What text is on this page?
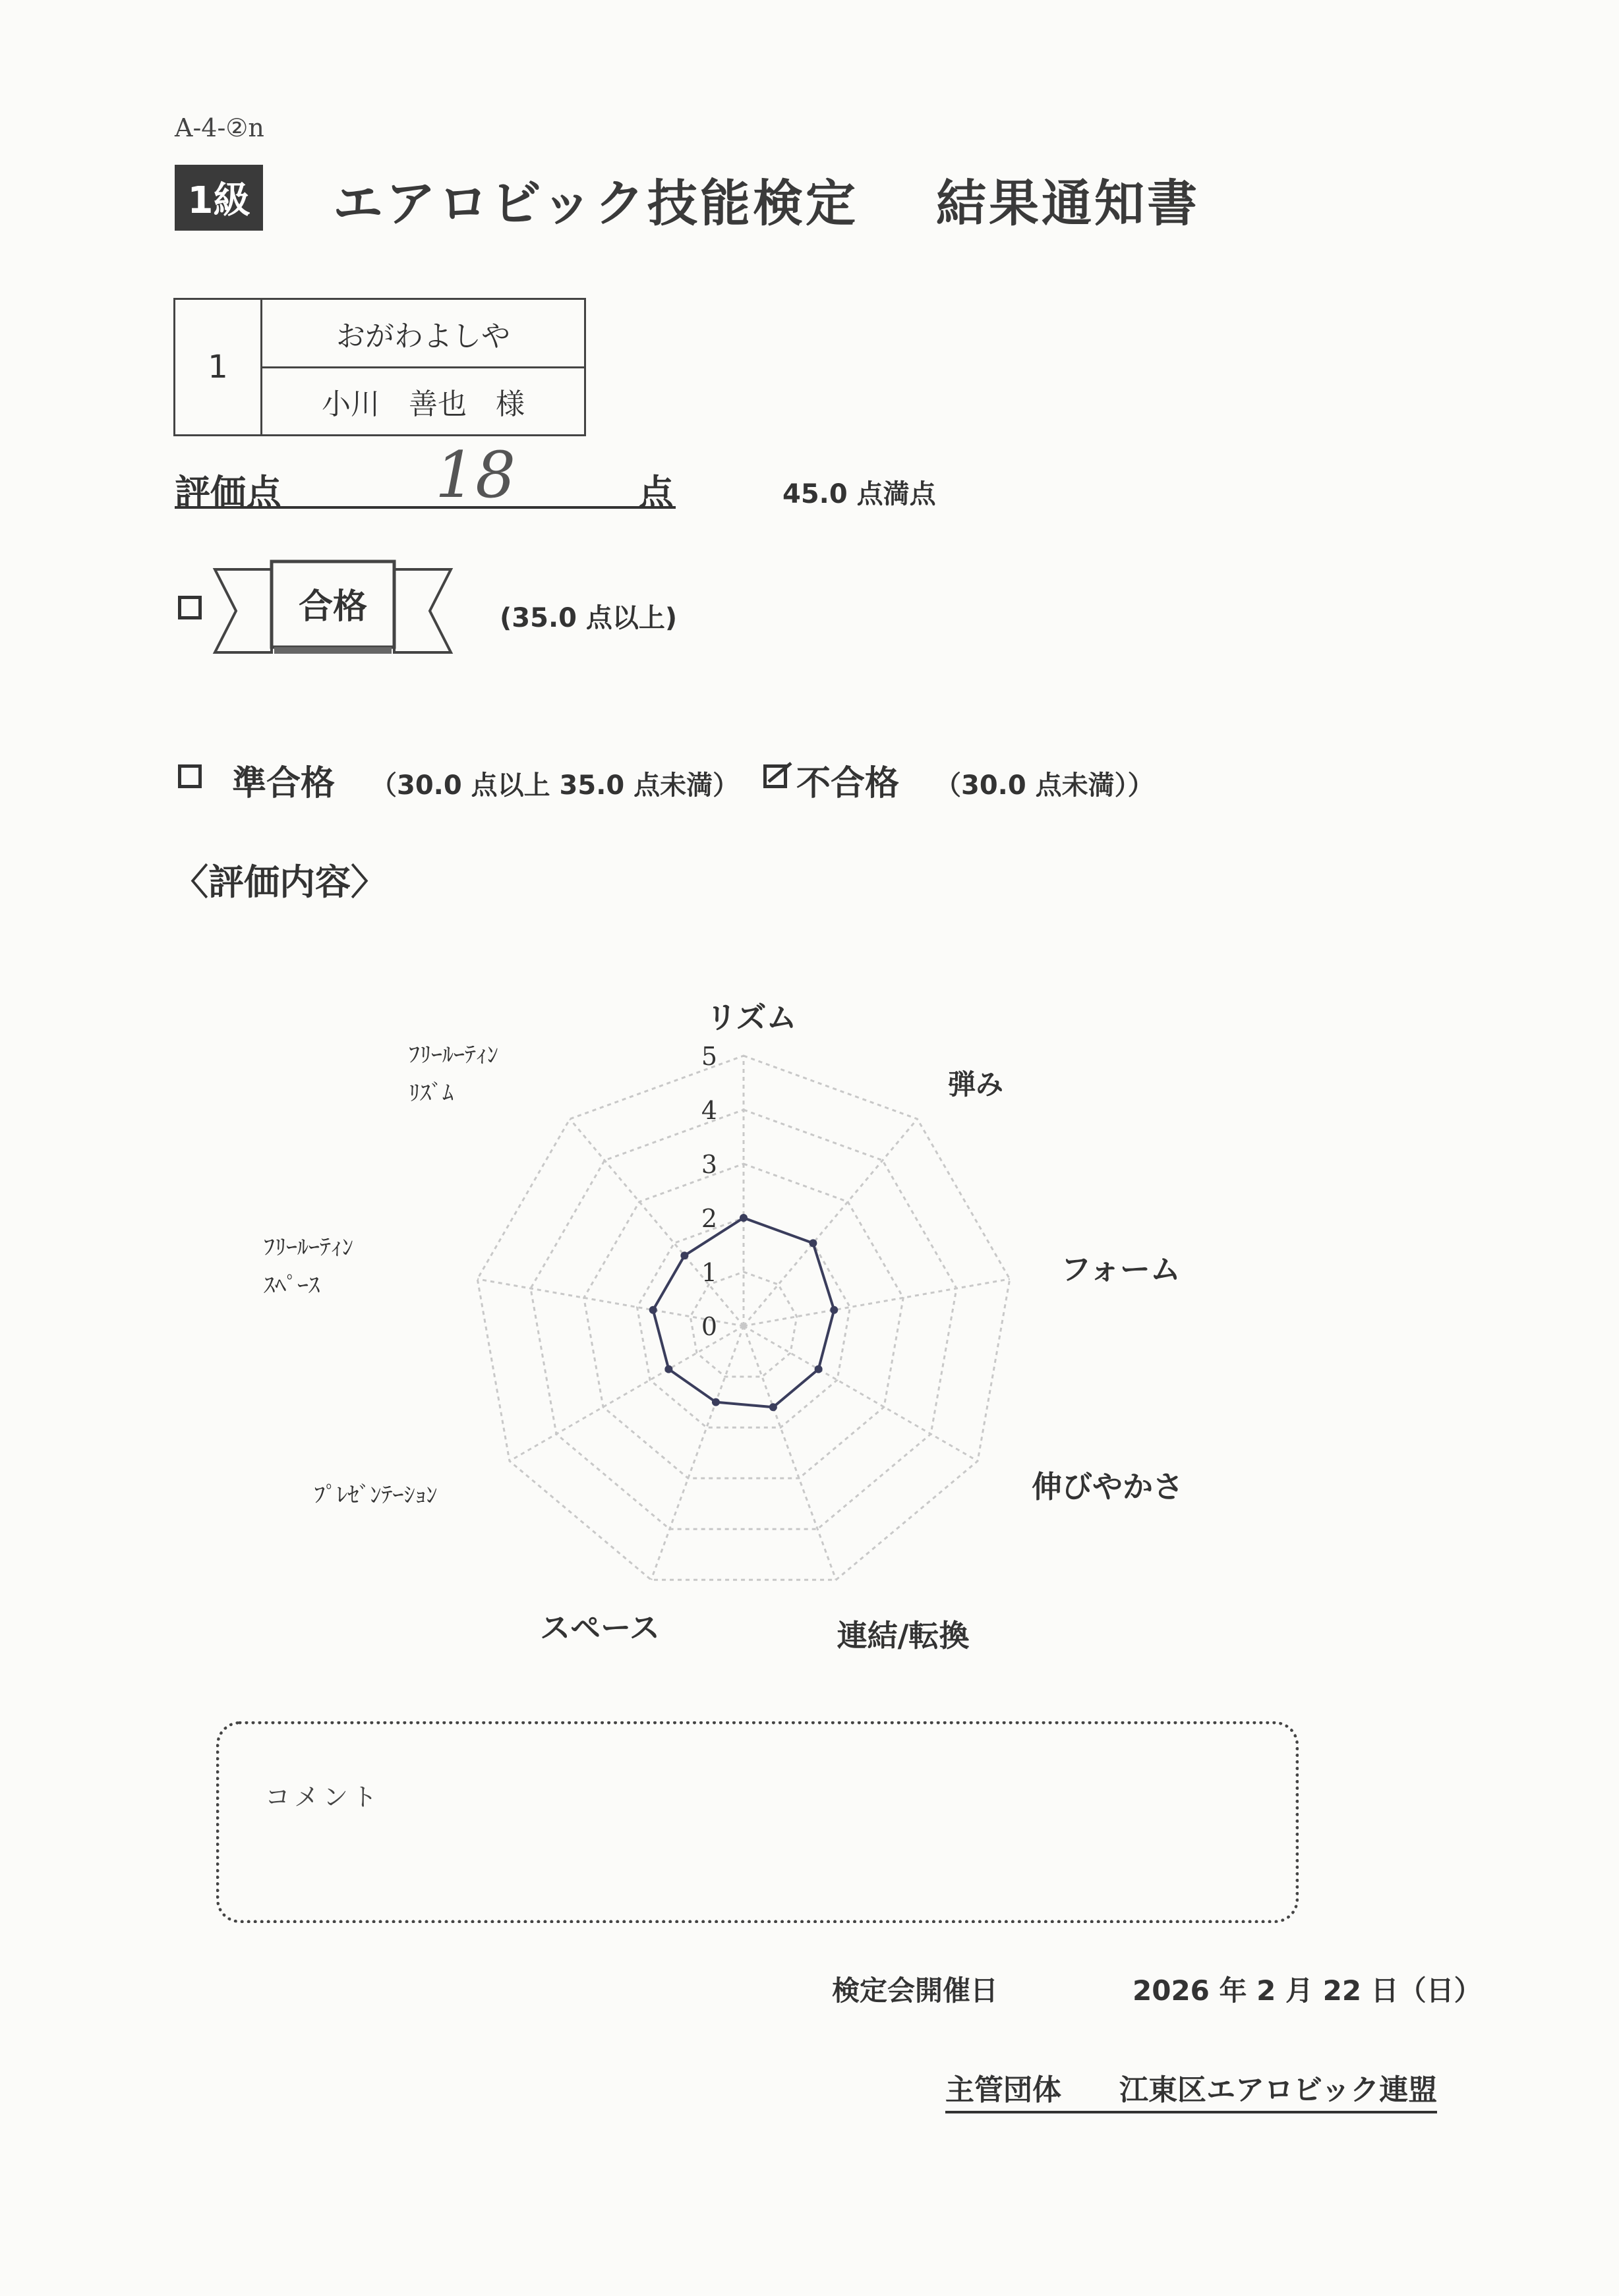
A-4-②n
1級 エアロビック技能検定 結果通知書
1
おがわよしや
小川　善也　様
評価点 18	点	45.0 点満点
合格	(35.0 点以上)
準合格 （30.0 点以上 35.0 点未満） 不合格 （30.0 点未満））
〈評価内容〉
0
1
2
3
4
5
リズム
弾み
フォーム
伸びやかさ
連結/転換
スペース
ﾌﾟﾚｾﾞﾝﾃｰｼｮﾝ
ﾌﾘｰﾙｰﾃｨﾝ
ｽﾍﾟｰｽ
ﾌﾘｰﾙｰﾃｨﾝ
ﾘｽﾞﾑ
コメント
検定会開催日	2026 年 2 月 22 日（日）
主管団体　　江東区エアロビック連盟
